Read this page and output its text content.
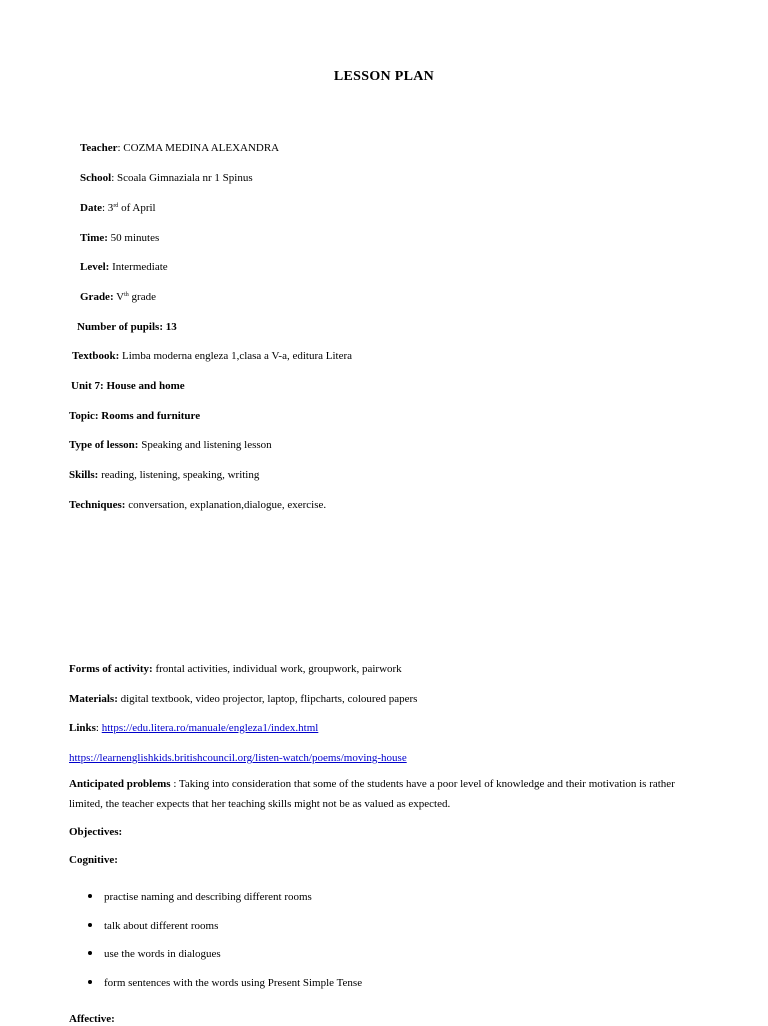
LESSON PLAN
Teacher: COZMA MEDINA ALEXANDRA
School: Scoala Gimnaziala nr 1 Spinus
Date: 3rd of April
Time: 50 minutes
Level: Intermediate
Grade: Vth grade
Number of pupils: 13
Textbook: Limba moderna engleza 1,clasa a V-a, editura Litera
Unit 7: House and home
Topic: Rooms and furniture
Type of lesson: Speaking and listening lesson
Skills: reading, listening, speaking, writing
Techniques: conversation, explanation,dialogue, exercise.
Forms of activity: frontal activities, individual work, groupwork, pairwork
Materials: digital textbook, video projector, laptop, flipcharts, coloured papers
Links: https://edu.litera.ro/manuale/engleza1/index.html
https://learnenglishkids.britishcouncil.org/listen-watch/poems/moving-house
Anticipated problems : Taking into consideration that some of the students have a poor level of knowledge and their motivation is rather limited, the teacher expects that her teaching skills might not be as valued as expected.
Objectives:
Cognitive:
practise naming and describing different rooms
talk about different rooms
use the words in dialogues
form sentences with the words using Present Simple Tense
Affective:
